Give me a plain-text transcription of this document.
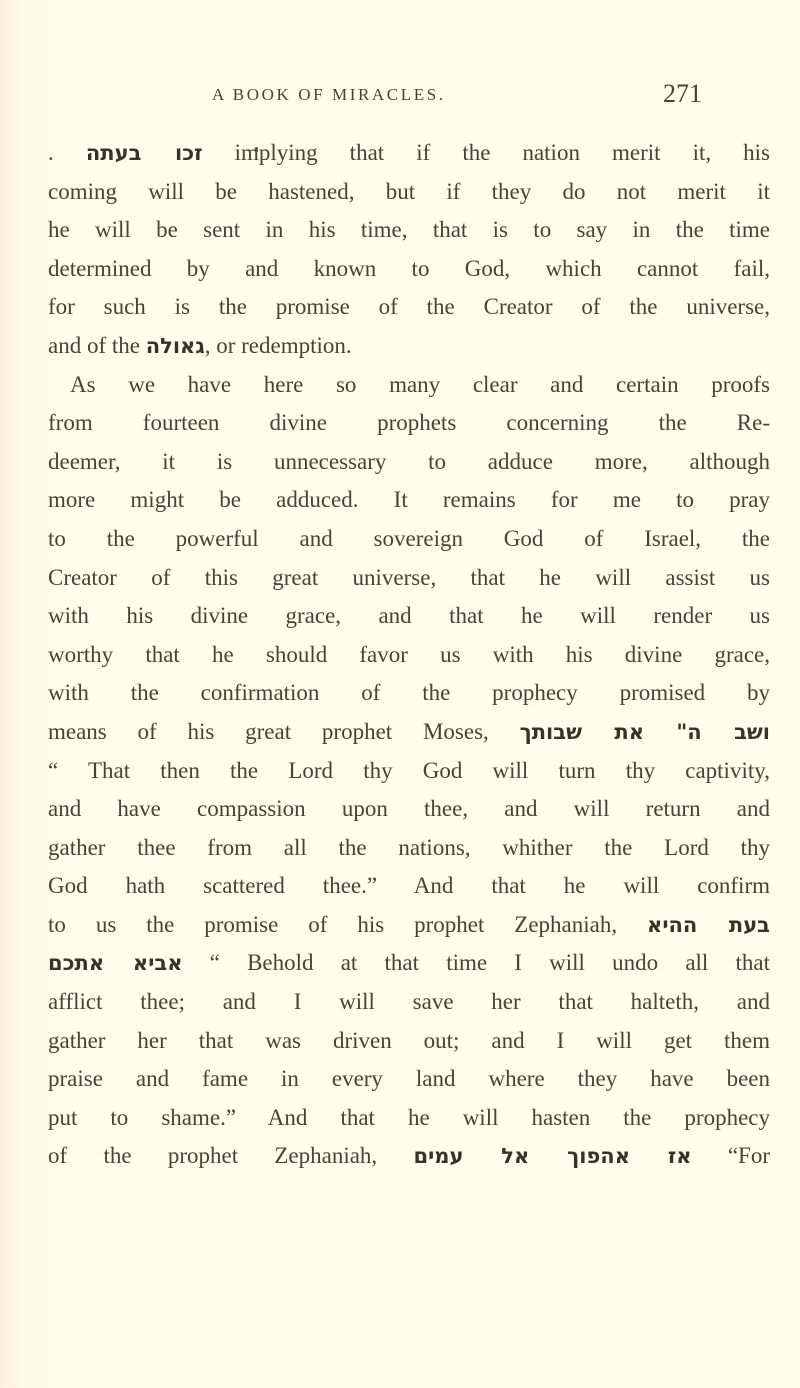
A BOOK OF MIRACLES.	271
. זכו בעתה implying that if the nation merit it, his
coming will be hastened, but if they do not merit it
he will be sent in his time, that is to say in the time
determined by and known to God, which cannot fail,
for such is the promise of the Creator of the universe,
and of the גאולה, or redemption.
As we have here so many clear and certain proofs
from fourteen divine prophets concerning the Re-
deemer, it is unnecessary to adduce more, although
more might be adduced. It remains for me to pray
to the powerful and sovereign God of Israel, the
Creator of this great universe, that he will assist us
with his divine grace, and that he will render us
worthy that he should favor us with his divine grace,
with the confirmation of the prophecy promised by
means of his great prophet Moses, ושב ה" את שבותך
“ That then the Lord thy God will turn thy captivity,
and have compassion upon thee, and will return and
gather thee from all the nations, whither the Lord thy
God hath scattered thee.” And that he will confirm
to us the promise of his prophet Zephaniah, בעת ההיא
אביא אתכם “ Behold at that time I will undo all that
afflict thee; and I will save her that halteth, and
gather her that was driven out; and I will get them
praise and fame in every land where they have been
put to shame.” And that he will hasten the prophecy
of the prophet Zephaniah, אז אהפוך אל עמים “For
